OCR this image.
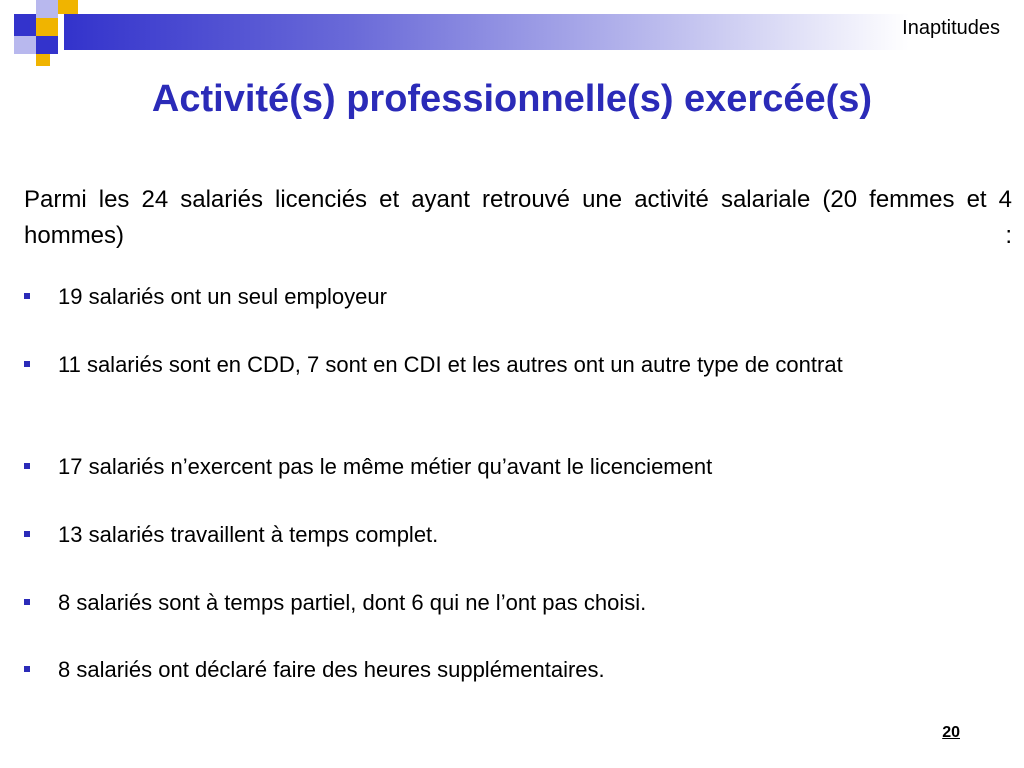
Inaptitudes
Activité(s) professionnelle(s) exercée(s)
Parmi les 24 salariés licenciés et ayant retrouvé une activité salariale (20 femmes et 4 hommes) :
19 salariés ont un seul employeur
11 salariés sont en CDD, 7 sont en CDI et les autres ont un autre type de contrat
17 salariés n’exercent pas le même métier qu’avant le licenciement
13 salariés travaillent à temps complet.
8 salariés sont à temps partiel, dont 6 qui ne l’ont pas choisi.
8 salariés ont déclaré faire des heures supplémentaires.
20
